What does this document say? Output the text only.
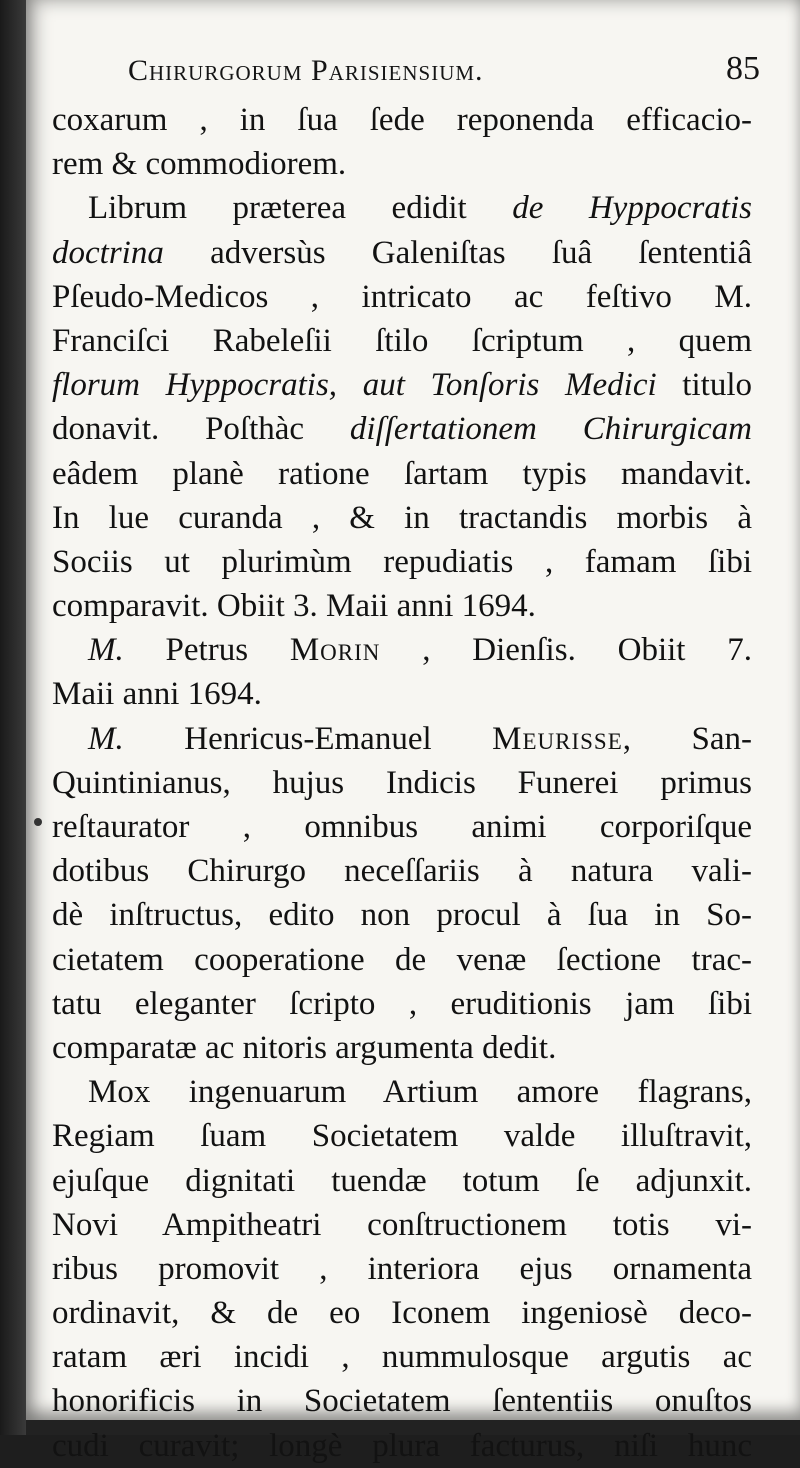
Chirurgorum Parisiensium.	85
coxarum , in ſua ſede reponenda efficacio-
rem & commodiorem.
Librum præterea edidit de Hyppocratis
doctrina adversùs Galeniſtas ſuâ ſententiâ
Pſeudo-Medicos , intricato ac feſtivo M.
Franciſci Rabeleſii ſtilo ſcriptum , quem
florum Hyppocratis, aut Tonſoris Medici titulo
donavit. Poſthàc diſſertationem Chirurgicam
eâdem planè ratione ſartam typis mandavit.
In lue curanda , & in tractandis morbis à
Sociis ut plurimùm repudiatis , famam ſibi
comparavit. Obiit 3. Maii anni 1694.
M. Petrus Morin , Dienſis. Obiit 7.
Maii anni 1694.
M. Henricus-Emanuel Meurisse, San-
Quintinianus, hujus Indicis Funerei primus
reſtaurator , omnibus animi corporiſque
dotibus Chirurgo neceſſariis à natura vali-
dè inſtructus, edito non procul à ſua in So-
cietatem cooperatione de venæ ſectione trac-
tatu eleganter ſcripto , eruditionis jam ſibi
comparatæ ac nitoris argumenta dedit.
Mox ingenuarum Artium amore flagrans,
Regiam ſuam Societatem valde illuſtravit,
ejuſque dignitati tuendæ totum ſe adjunxit.
Novi Ampitheatri conſtructionem totis vi-
ribus promovit , interiora ejus ornamenta
ordinavit, & de eo Iconem ingeniosè deco-
ratam æri incidi , nummulosque argutis ac
honorificis in Societatem ſententiis onuſtos
cudi curavit; longè plura facturus, niſi hunc
